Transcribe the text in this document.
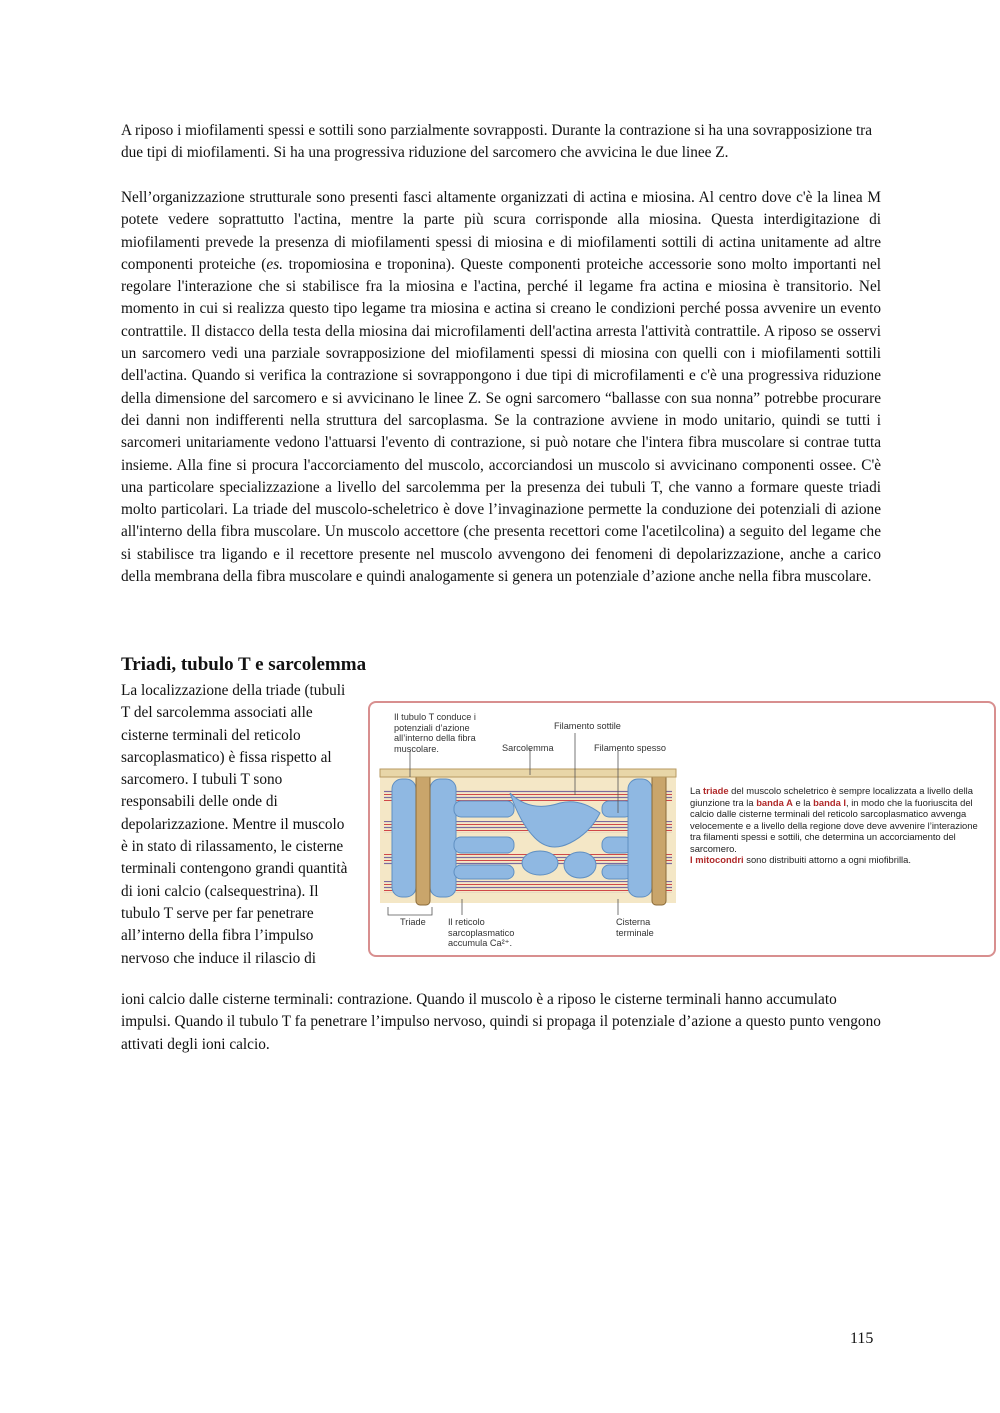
A riposo i miofilamenti spessi e sottili sono parzialmente sovrapposti. Durante la contrazione si ha una sovrapposizione tra due tipi di miofilamenti. Si ha una progressiva riduzione del sarcomero che avvicina le due linee Z.

Nell’organizzazione strutturale sono presenti fasci altamente organizzati di actina e miosina. Al centro dove c'è la linea M potete vedere soprattutto l'actina, mentre la parte più scura corrisponde alla miosina. Questa interdigitazione di miofilamenti prevede la presenza di miofilamenti spessi di miosina e di miofilamenti sottili di actina unitamente ad altre componenti proteiche (es. tropomiosina e troponina). Queste componenti proteiche accessorie sono molto importanti nel regolare l'interazione che si stabilisce fra la miosina e l'actina, perché il legame fra actina e miosina è transitorio. Nel momento in cui si realizza questo tipo legame tra miosina e actina si creano le condizioni perché possa avvenire un evento contrattile. Il distacco della testa della miosina dai microfilamenti dell'actina arresta l'attività contrattile. A riposo se osservi un sarcomero vedi una parziale sovrapposizione del miofilamenti spessi di miosina con quelli con i miofilamenti sottili dell'actina. Quando si verifica la contrazione si sovrappongono i due tipi di microfilamenti e c'è una progressiva riduzione della dimensione del sarcomero e si avvicinano le linee Z. Se ogni sarcomero “ballasse con sua nonna” potrebbe procurare dei danni non indifferenti nella struttura del sarcoplasma. Se la contrazione avviene in modo unitario, quindi se tutti i sarcomeri unitariamente vedono l'attuarsi l'evento di contrazione, si può notare che l'intera fibra muscolare si contrae tutta insieme. Alla fine si procura l'accorciamento del muscolo, accorciandosi un muscolo si avvicinano componenti ossee. C'è una particolare specializzazione a livello del sarcolemma per la presenza dei tubuli T, che vanno a formare queste triadi molto particolari. La triade del muscolo-scheletrico è dove l’invaginazione permette la conduzione dei potenziali di azione all'interno della fibra muscolare. Un muscolo accettore (che presenta recettori come l'acetilcolina) a seguito del legame che si stabilisce tra ligando e il recettore presente nel muscolo avvengono dei fenomeni di depolarizzazione, anche a carico della membrana della fibra muscolare e quindi analogamente si genera un potenziale d’azione anche nella fibra muscolare.

Triadi, tubulo T e sarcolemma

La localizzazione della triade (tubuli T del sarcolemma associati alle cisterne terminali del reticolo sarcoplasmatico) è fissa rispetto al sarcomero. I tubuli T sono responsabili delle onde di depolarizzazione. Mentre il muscolo è in stato di rilassamento, le cisterne terminali contengono grandi quantità di ioni calcio (calsequestrina). Il tubulo T serve per far penetrare all’interno della fibra l’impulso nervoso che induce il rilascio di

Il tubulo T conduce i potenziali d’azione all’interno della fibra muscolare.
Filamento sottile
Sarcolemma	Filamento spesso
Triade Il reticolo
sarcoplasmatico
accumula Ca²⁺.
Cisterna terminale
La triade del muscolo scheletrico è sempre localizzata a livello della giunzione tra la banda A e la banda I, in modo che la fuoriuscita del calcio dalle cisterne terminali del reticolo sarcoplasmatico avvenga velocemente e a livello della regione dove deve avvenire l’interazione tra filamenti spessi e sottili, che determina un accorciamento del sarcomero.
I mitocondri sono distribuiti attorno a ogni miofibrilla.

ioni calcio dalle cisterne terminali: contrazione. Quando il muscolo è a riposo le cisterne terminali hanno accumulato impulsi. Quando il tubulo T fa penetrare l’impulso nervoso, quindi si propaga il potenziale d’azione a questo punto vengono attivati degli ioni calcio.

115
